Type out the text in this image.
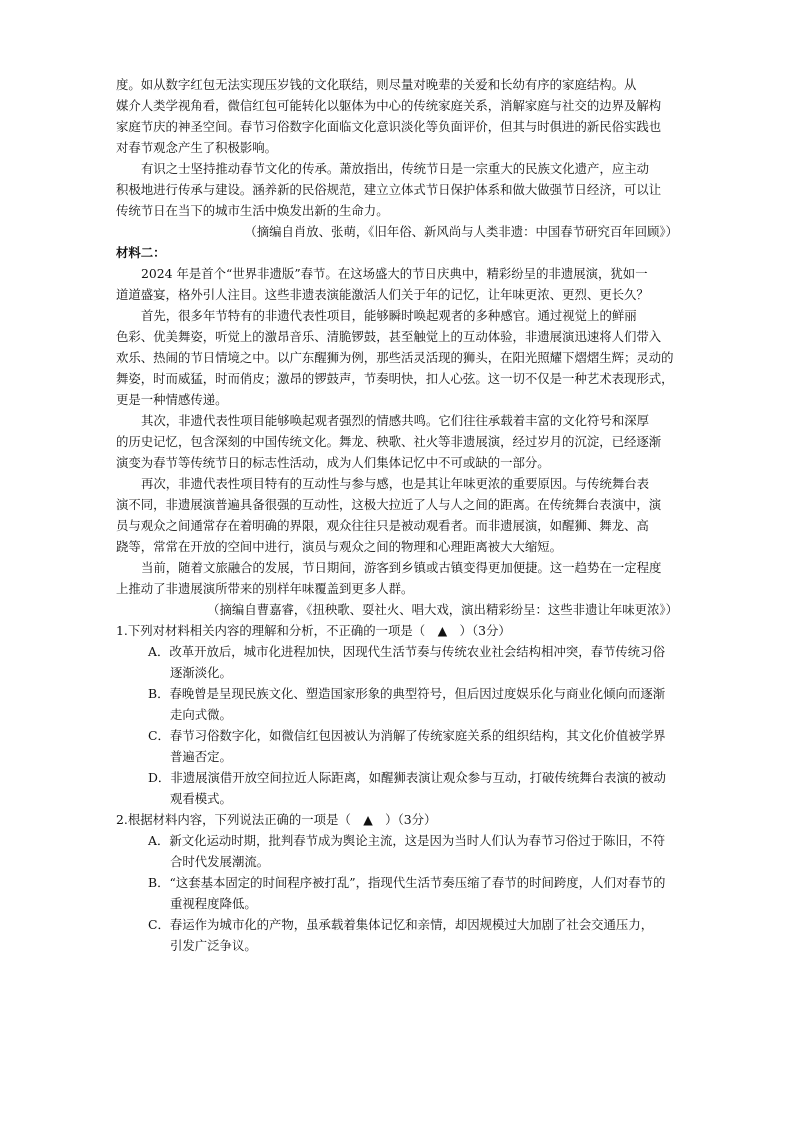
度。如从数字红包无法实现压岁钱的文化联结，则尽量对晚辈的关爱和长幼有序的家庭结构。从
媒介人类学视角看，微信红包可能转化以躯体为中心的传统家庭关系，消解家庭与社交的边界及解构
家庭节庆的神圣空间。春节习俗数字化面临文化意识淡化等负面评价，但其与时俱进的新民俗实践也
对春节观念产生了积极影响。
有识之士坚持推动春节文化的传承。萧放指出，传统节日是一宗重大的民族文化遗产，应主动
积极地进行传承与建设。涵养新的民俗规范，建立立体式节日保护体系和做大做强节日经济，可以让
传统节日在当下的城市生活中焕发出新的生命力。
（摘编自肖放、张萌，《旧年俗、新风尚与人类非遗：中国春节研究百年回顾》）
材料二：
2024 年是首个“世界非遗版”春节。在这场盛大的节日庆典中，精彩纷呈的非遗展演，犹如一
道道盛宴，格外引人注目。这些非遗表演能激活人们关于年的记忆，让年味更浓、更烈、更长久？
首先，很多年节特有的非遗代表性项目，能够瞬时唤起观者的多种感官。通过视觉上的鲜丽
色彩、优美舞姿，听觉上的激昂音乐、清脆锣鼓，甚至触觉上的互动体验，非遗展演迅速将人们带入
欢乐、热闹的节日情境之中。以广东醒狮为例，那些活灵活现的狮头，在阳光照耀下熠熠生辉；灵动的
舞姿，时而威猛，时而俏皮；激昂的锣鼓声，节奏明快，扣人心弦。这一切不仅是一种艺术表现形式，
更是一种情感传递。
其次，非遗代表性项目能够唤起观者强烈的情感共鸣。它们往往承载着丰富的文化符号和深厚
的历史记忆，包含深刻的中国传统文化。舞龙、秧歌、社火等非遗展演，经过岁月的沉淀，已经逐渐
演变为春节等传统节日的标志性活动，成为人们集体记忆中不可或缺的一部分。
再次，非遗代表性项目特有的互动性与参与感，也是其让年味更浓的重要原因。与传统舞台表
演不同，非遗展演普遍具备很强的互动性，这极大拉近了人与人之间的距离。在传统舞台表演中，演
员与观众之间通常存在着明确的界限，观众往往只是被动观看者。而非遗展演，如醒狮、舞龙、高
跷等，常常在开放的空间中进行，演员与观众之间的物理和心理距离被大大缩短。
当前，随着文旅融合的发展，节日期间，游客到乡镇或古镇变得更加便捷。这一趋势在一定程度
上推动了非遗展演所带来的别样年味覆盖到更多人群。
（摘编自曹嘉睿，《扭秧歌、耍社火、唱大戏，演出精彩纷呈：这些非遗让年味更浓》）
1.下列对材料相关内容的理解和分析，不正确的一项是（　▲　）（3分）
A．改革开放后，城市化进程加快，因现代生活节奏与传统农业社会结构相冲突，春节传统习俗
逐渐淡化。
B．春晚曾是呈现民族文化、塑造国家形象的典型符号，但后因过度娱乐化与商业化倾向而逐渐
走向式微。
C．春节习俗数字化，如微信红包因被认为消解了传统家庭关系的组织结构，其文化价值被学界
普遍否定。
D．非遗展演借开放空间拉近人际距离，如醒狮表演让观众参与互动，打破传统舞台表演的被动
观看模式。
2.根据材料内容，下列说法正确的一项是（　▲　）（3分）
A．新文化运动时期，批判春节成为舆论主流，这是因为当时人们认为春节习俗过于陈旧，不符
合时代发展潮流。
B．“这套基本固定的时间程序被打乱”，指现代生活节奏压缩了春节的时间跨度，人们对春节的
重视程度降低。
C．春运作为城市化的产物，虽承载着集体记忆和亲情，却因规模过大加剧了社会交通压力，
引发广泛争议。
